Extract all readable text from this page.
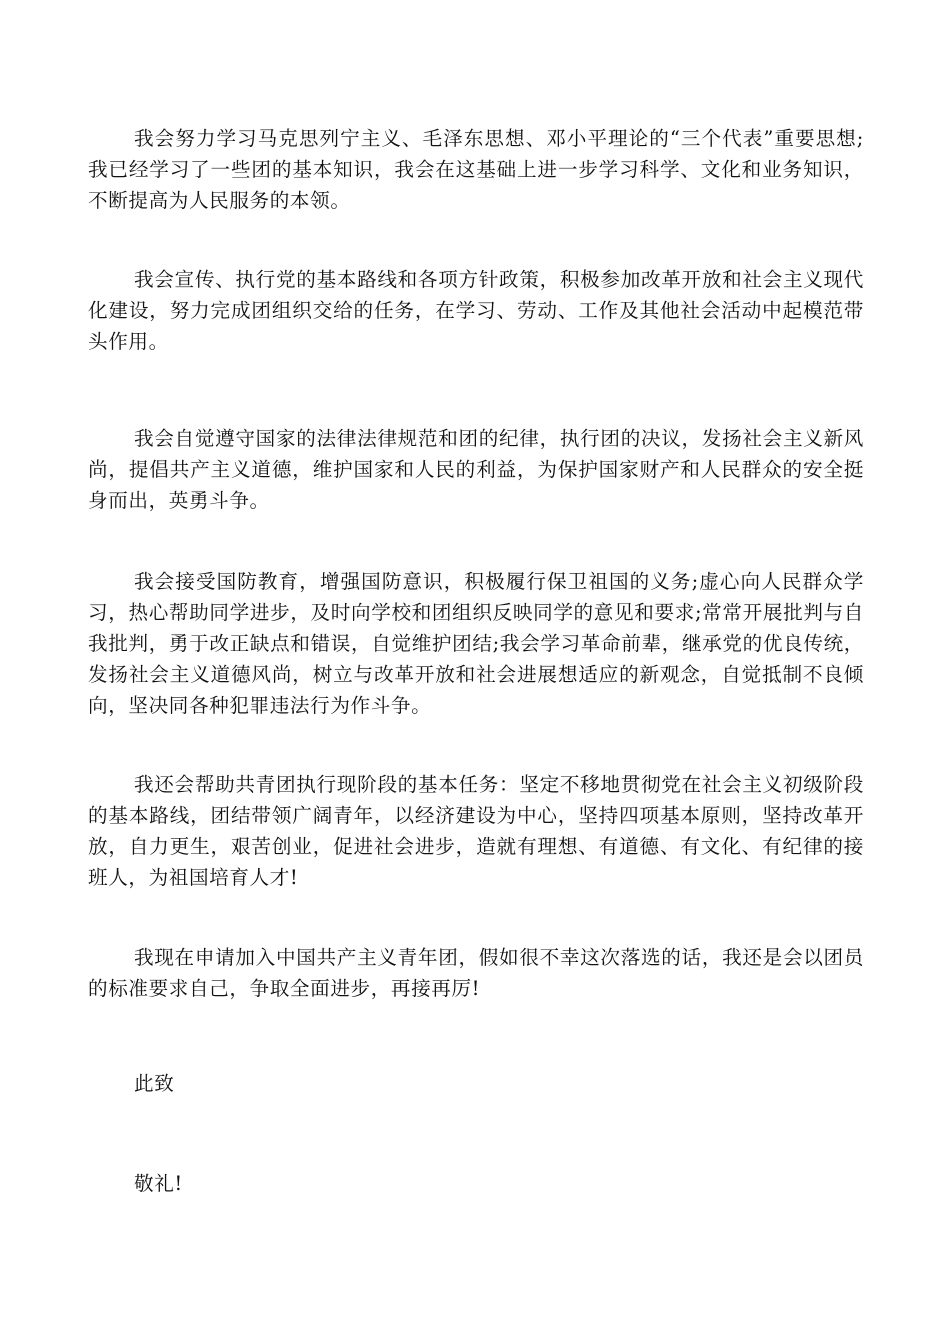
我会努力学习马克思列宁主义、毛泽东思想、邓小平理论的“三个代表”重要思想;我已经学习了一些团的基本知识，我会在这基础上进一步学习科学、文化和业务知识，不断提高为人民服务的本领。

我会宣传、执行党的基本路线和各项方针政策，积极参加改革开放和社会主义现代化建设，努力完成团组织交给的任务，在学习、劳动、工作及其他社会活动中起模范带头作用。

我会自觉遵守国家的法律法律规范和团的纪律，执行团的决议，发扬社会主义新风尚，提倡共产主义道德，维护国家和人民的利益，为保护国家财产和人民群众的安全挺身而出，英勇斗争。

我会接受国防教育，增强国防意识，积极履行保卫祖国的义务;虚心向人民群众学习，热心帮助同学进步，及时向学校和团组织反映同学的意见和要求;常常开展批判与自我批判，勇于改正缺点和错误，自觉维护团结;我会学习革命前辈，继承党的优良传统，发扬社会主义道德风尚，树立与改革开放和社会进展想适应的新观念，自觉抵制不良倾向，坚决同各种犯罪违法行为作斗争。

我还会帮助共青团执行现阶段的基本任务：坚定不移地贯彻党在社会主义初级阶段的基本路线，团结带领广阔青年，以经济建设为中心，坚持四项基本原则，坚持改革开放，自力更生，艰苦创业，促进社会进步，造就有理想、有道德、有文化、有纪律的接班人，为祖国培育人才!

我现在申请加入中国共产主义青年团，假如很不幸这次落选的话，我还是会以团员的标准要求自己，争取全面进步，再接再厉!

此致

敬礼!
